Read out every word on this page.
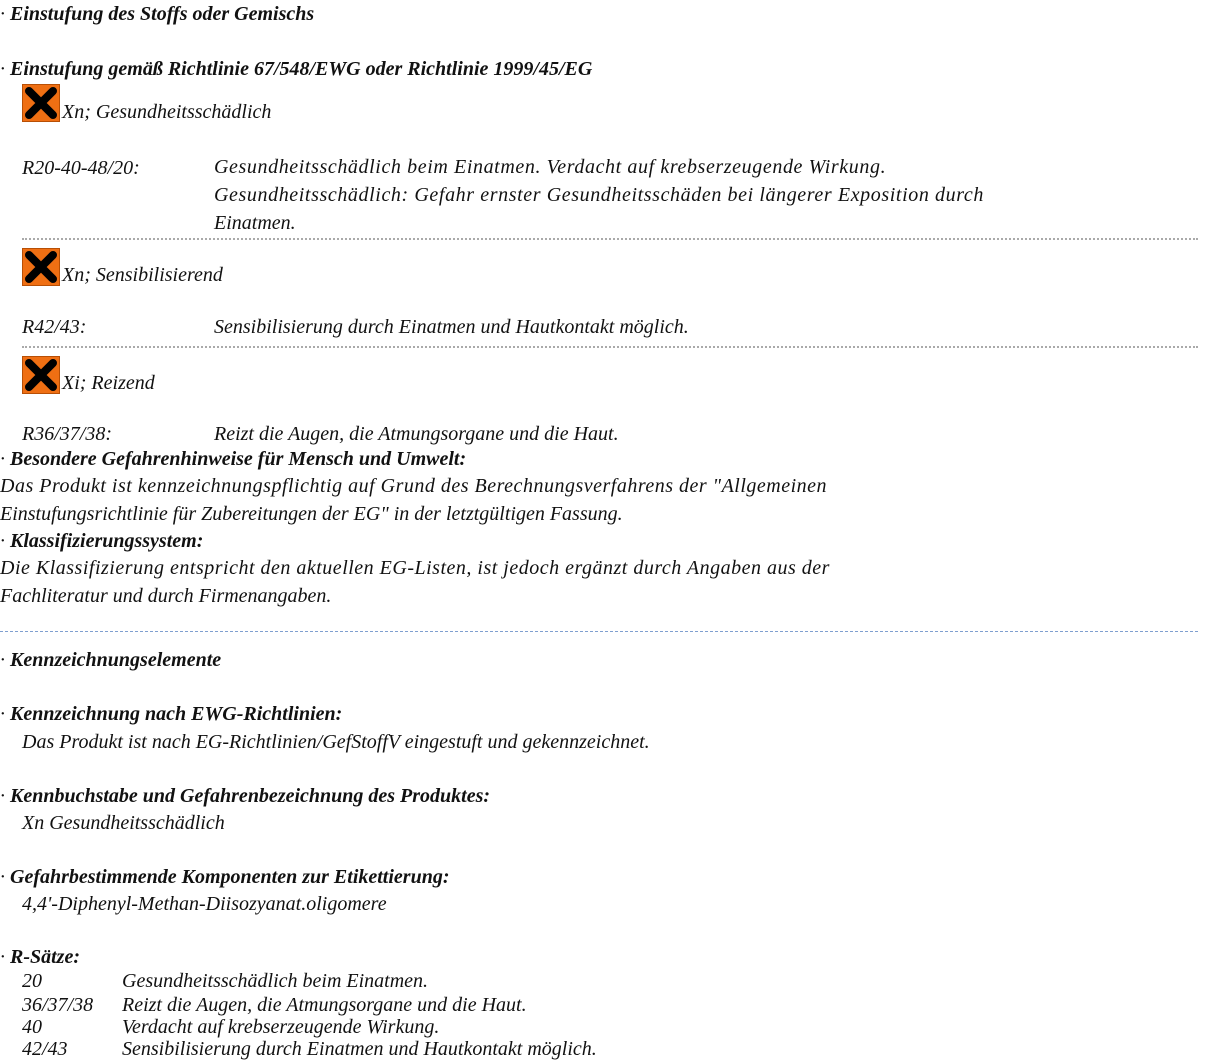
· Einstufung des Stoffs oder Gemischs
· Einstufung gemäß Richtlinie 67/548/EWG oder Richtlinie 1999/45/EG
Xn; Gesundheitsschädlich
R20-40-48/20:	Gesundheitsschädlich beim Einatmen. Verdacht auf krebserzeugende Wirkung.
Gesundheitsschädlich: Gefahr ernster Gesundheitsschäden bei längerer Exposition durch
Einatmen.
Xn; Sensibilisierend
R42/43:	Sensibilisierung durch Einatmen und Hautkontakt möglich.
Xi; Reizend
R36/37/38:	Reizt die Augen, die Atmungsorgane und die Haut.
· Besondere Gefahrenhinweise für Mensch und Umwelt:
Das Produkt ist kennzeichnungspflichtig auf Grund des Berechnungsverfahrens der "Allgemeinen
Einstufungsrichtlinie für Zubereitungen der EG" in der letztgültigen Fassung.
· Klassifizierungssystem:
Die Klassifizierung entspricht den aktuellen EG-Listen, ist jedoch ergänzt durch Angaben aus der
Fachliteratur und durch Firmenangaben.
· Kennzeichnungselemente
· Kennzeichnung nach EWG-Richtlinien:
Das Produkt ist nach EG-Richtlinien/GefStoffV eingestuft und gekennzeichnet.
· Kennbuchstabe und Gefahrenbezeichnung des Produktes:
Xn Gesundheitsschädlich
· Gefahrbestimmende Komponenten zur Etikettierung:
4,4'-Diphenyl-Methan-Diisozyanat.oligomere
· R-Sätze:
20	Gesundheitsschädlich beim Einatmen.
36/37/38 Reizt die Augen, die Atmungsorgane und die Haut.
40	Verdacht auf krebserzeugende Wirkung.
42/43	Sensibilisierung durch Einatmen und Hautkontakt möglich.
